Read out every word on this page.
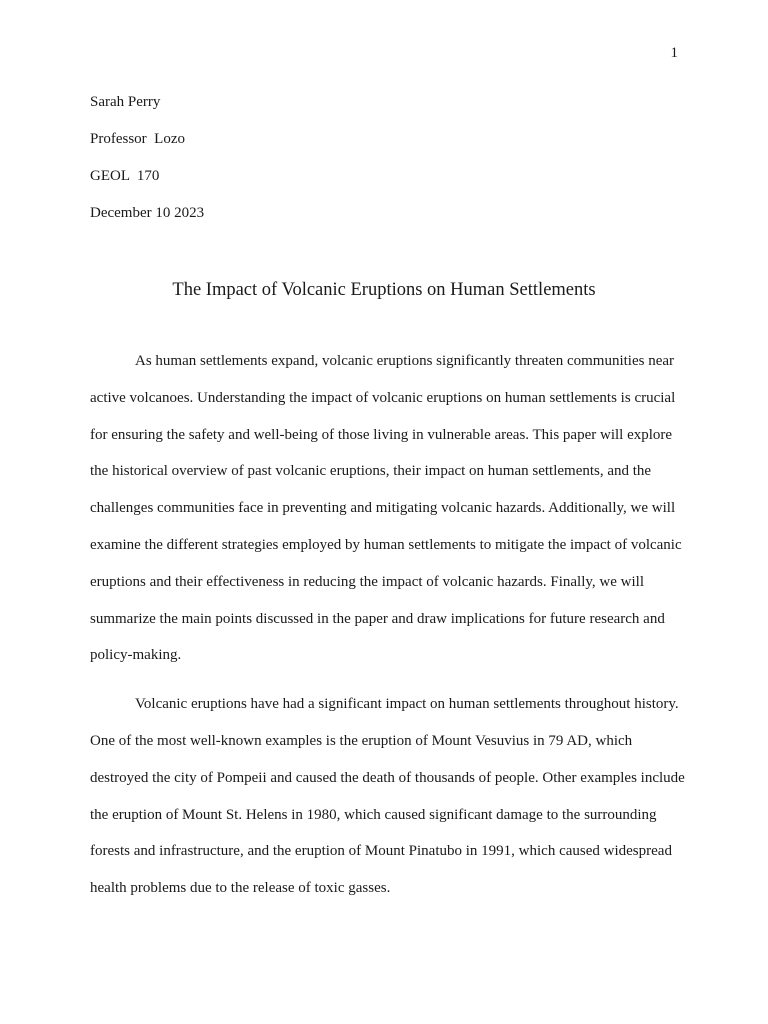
1
Sarah Perry
Professor  Lozo
GEOL  170
December 10 2023
The Impact of Volcanic Eruptions on Human Settlements

As human settlements expand, volcanic eruptions significantly threaten communities near active volcanoes. Understanding the impact of volcanic eruptions on human settlements is crucial for ensuring the safety and well-being of those living in vulnerable areas. This paper will explore the historical overview of past volcanic eruptions, their impact on human settlements, and the challenges communities face in preventing and mitigating volcanic hazards. Additionally, we will examine the different strategies employed by human settlements to mitigate the impact of volcanic eruptions and their effectiveness in reducing the impact of volcanic hazards. Finally, we will summarize the main points discussed in the paper and draw implications for future research and policy-making.

Volcanic eruptions have had a significant impact on human settlements throughout history. One of the most well-known examples is the eruption of Mount Vesuvius in 79 AD, which destroyed the city of Pompeii and caused the death of thousands of people. Other examples include the eruption of Mount St. Helens in 1980, which caused significant damage to the surrounding forests and infrastructure, and the eruption of Mount Pinatubo in 1991, which caused widespread health problems due to the release of toxic gasses.
